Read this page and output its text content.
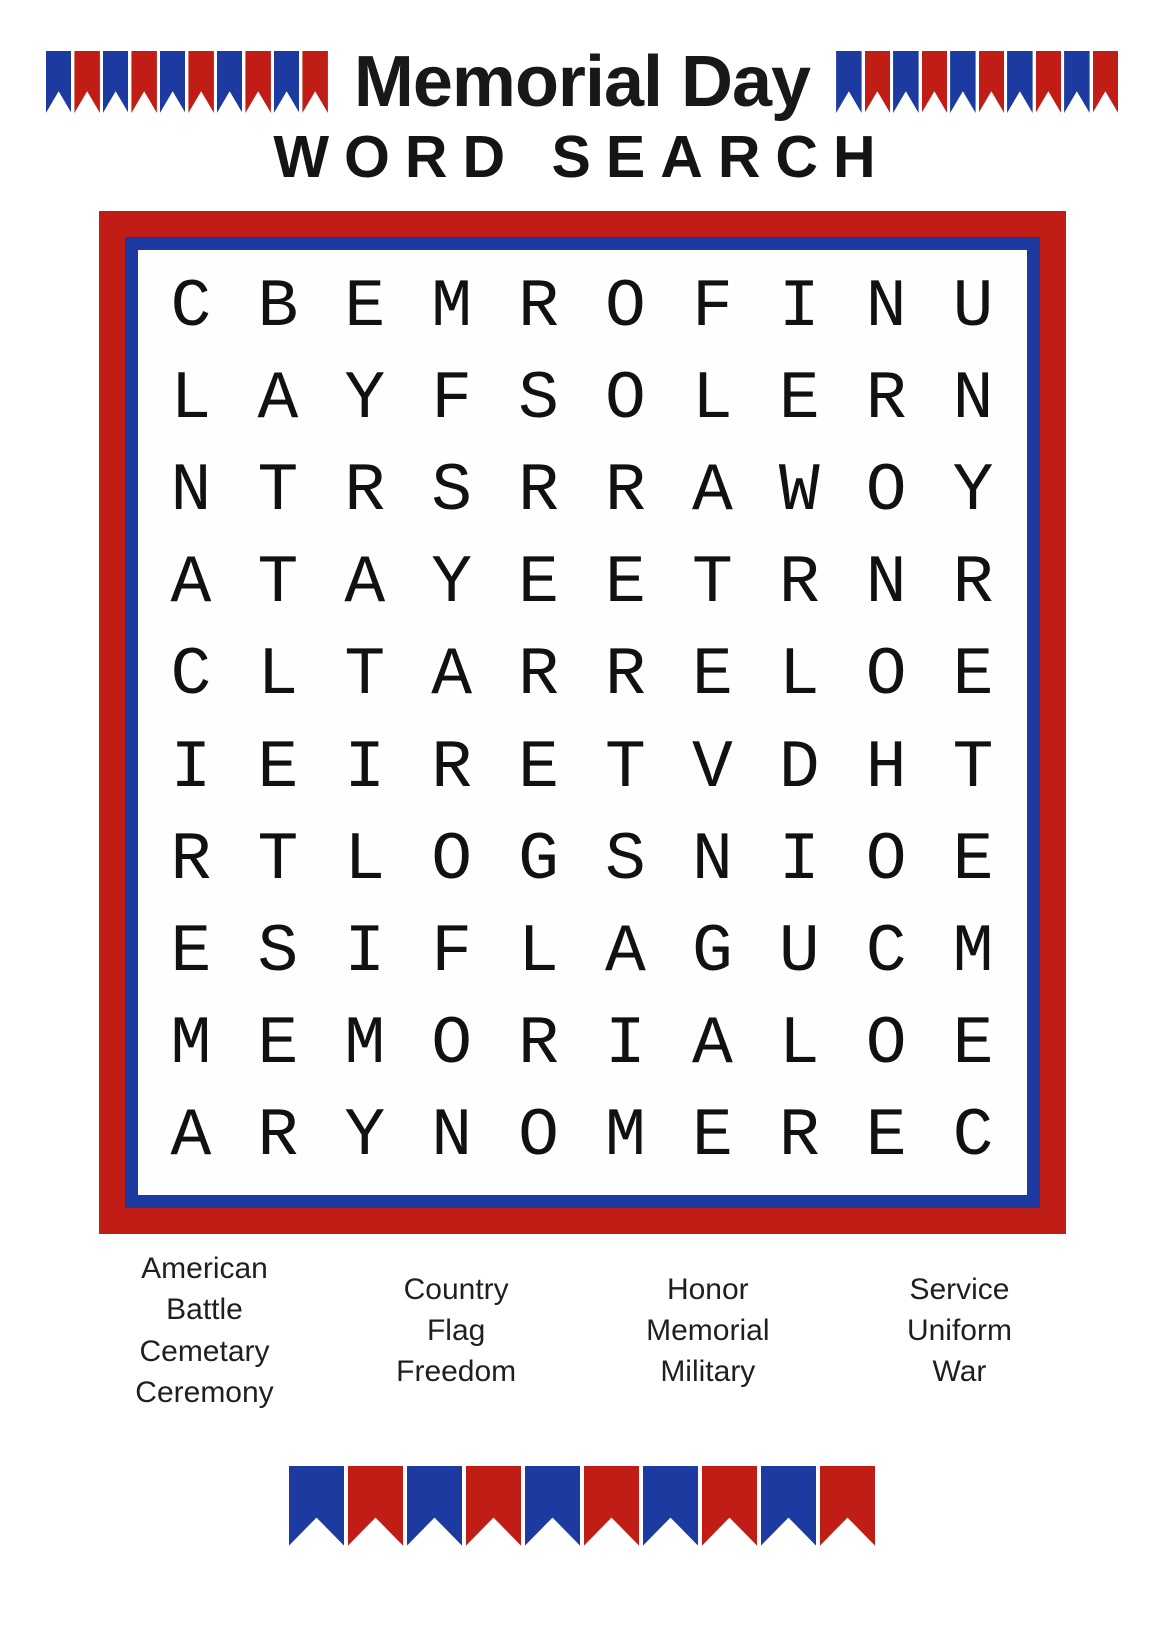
Memorial Day
WORD SEARCH
C B E M R O F I N U
L A Y F S O L E R N
N T R S R R A W O Y
A T A Y E E T R N R
C L T A R R E L O E
I E I R E T V D H T
R T L O G S N I O E
E S I F L A G U C M
M E M O R I A L O E
A R Y N O M E R E C
American
Battle
Cemetary
Ceremony
Country
Flag
Freedom
Honor
Memorial
Military
Service
Uniform
War
